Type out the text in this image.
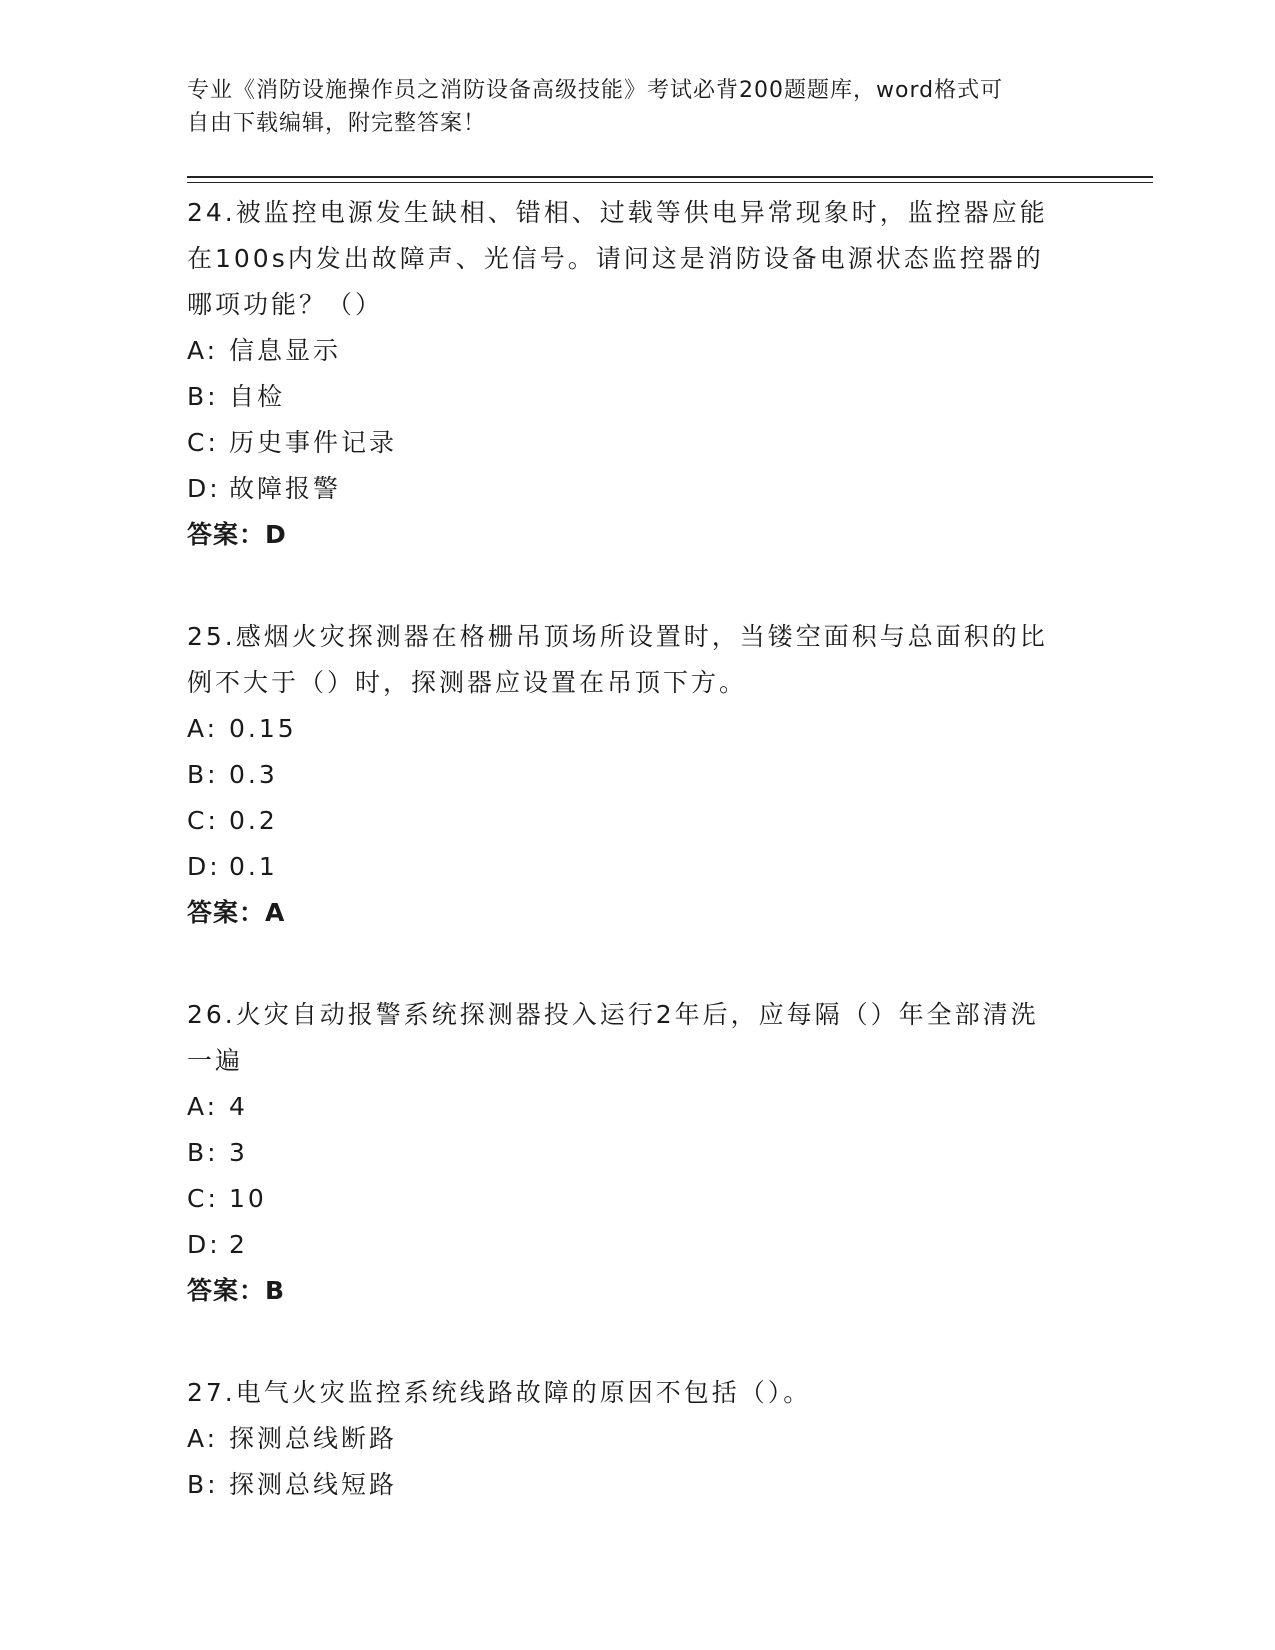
专业《消防设施操作员之消防设备高级技能》考试必背200题题库，word格式可
自由下载编辑，附完整答案！
24.被监控电源发生缺相、错相、过载等供电异常现象时，监控器应能
在100s内发出故障声、光信号。请问这是消防设备电源状态监控器的
哪项功能？（）
A: 信息显示
B: 自检
C: 历史事件记录
D: 故障报警
答案：D
25.感烟火灾探测器在格栅吊顶场所设置时，当镂空面积与总面积的比
例不大于（）时，探测器应设置在吊顶下方。
A: 0.15
B: 0.3
C: 0.2
D: 0.1
答案：A
26.火灾自动报警系统探测器投入运行2年后，应每隔（）年全部清洗
一遍
A: 4
B: 3
C: 10
D: 2
答案：B
27.电气火灾监控系统线路故障的原因不包括（）。
A: 探测总线断路
B: 探测总线短路
